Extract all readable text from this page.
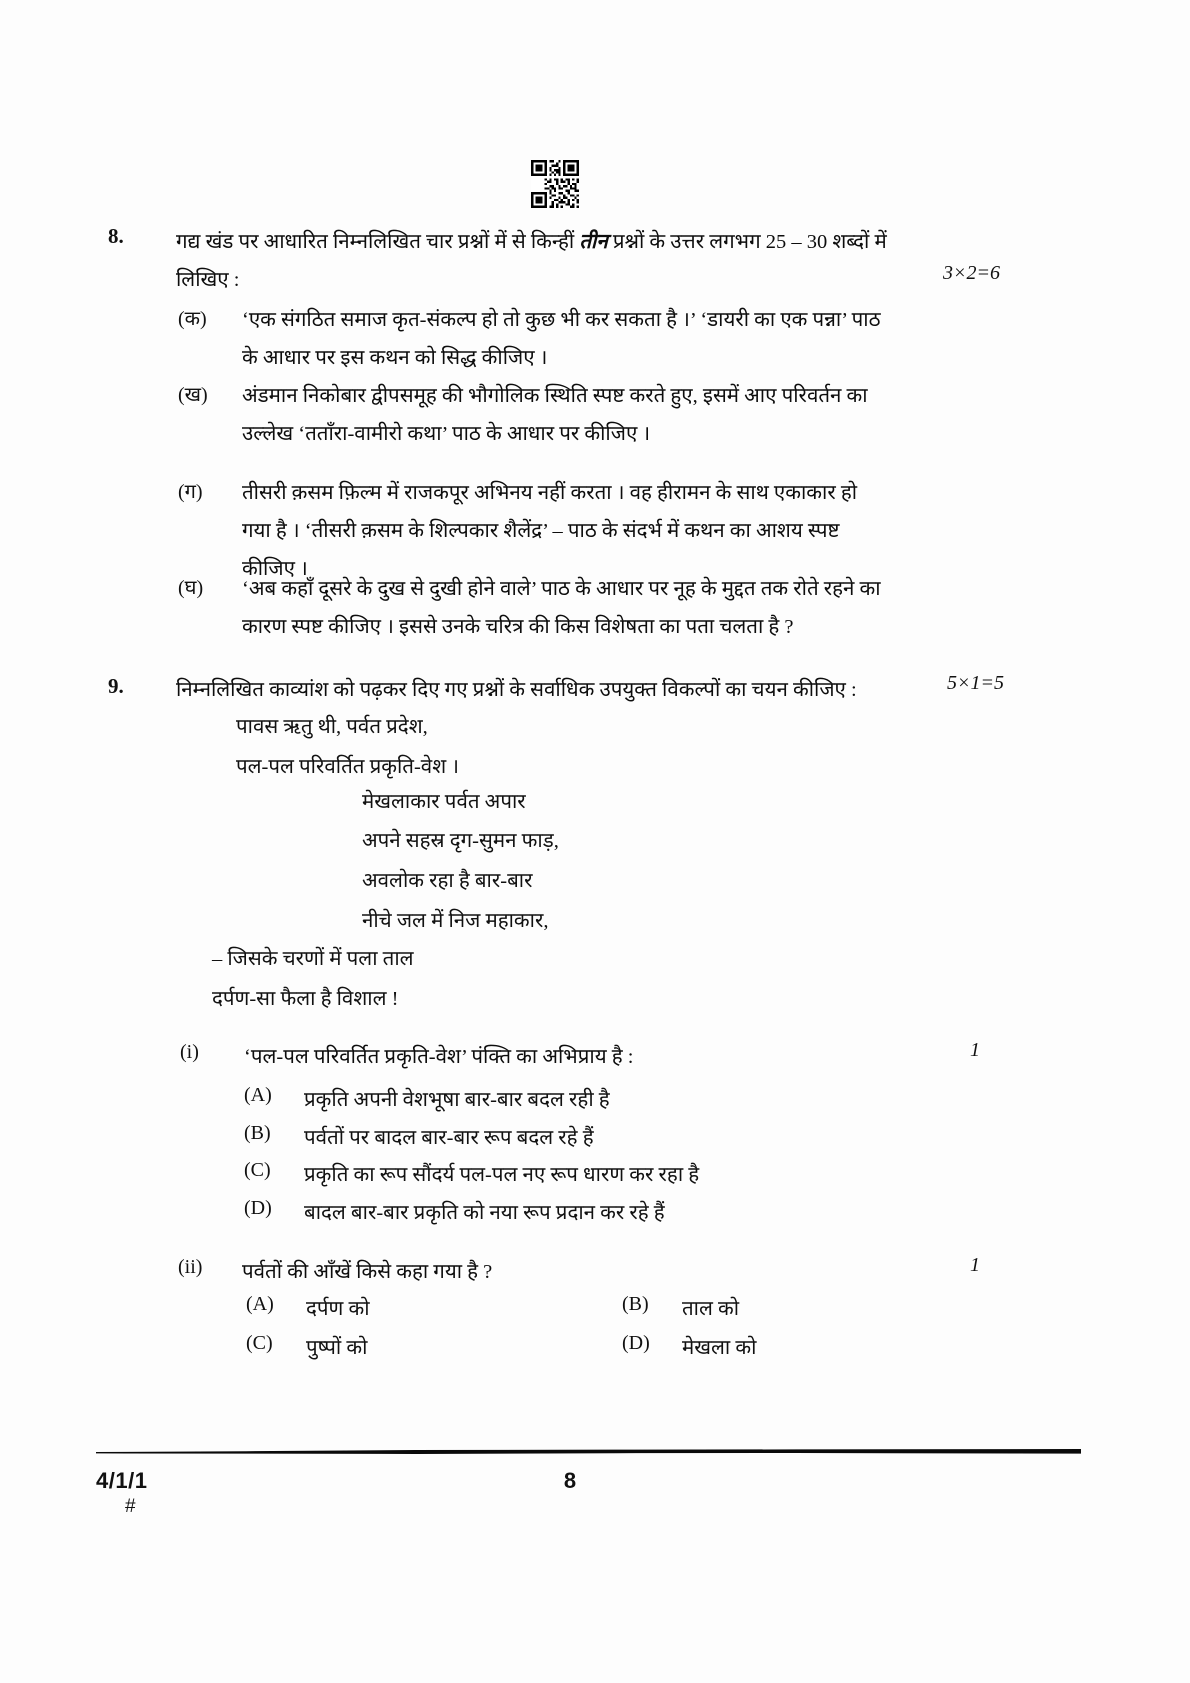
8.	गद्य खंड पर आधारित निम्नलिखित चार प्रश्नों में से किन्हीं तीन प्रश्नों के उत्तर लगभग 25 – 30 शब्दों में
लिखिए :	3×2=6
(क) ‘एक संगठित समाज कृत-संकल्प हो तो कुछ भी कर सकता है ।’ ‘डायरी का एक पन्ना’ पाठ
के आधार पर इस कथन को सिद्ध कीजिए ।
(ख) अंडमान निकोबार द्वीपसमूह की भौगोलिक स्थिति स्पष्ट करते हुए, इसमें आए परिवर्तन का
उल्लेख ‘तताँरा-वामीरो कथा’ पाठ के आधार पर कीजिए ।
(ग) तीसरी क़सम फ़िल्म में राजकपूर अभिनय नहीं करता । वह हीरामन के साथ एकाकार हो
गया है । ‘तीसरी क़सम के शिल्पकार शैलेंद्र’ – पाठ के संदर्भ में कथन का आशय स्पष्ट
कीजिए ।
(घ) ‘अब कहाँ दूसरे के दुख से दुखी होने वाले’ पाठ के आधार पर नूह के मुद्दत तक रोते रहने का
कारण स्पष्ट कीजिए । इससे उनके चरित्र की किस विशेषता का पता चलता है ?
9.	निम्नलिखित काव्यांश को पढ़कर दिए गए प्रश्नों के सर्वाधिक उपयुक्त विकल्पों का चयन कीजिए :	5×1=5
पावस ऋतु थी, पर्वत प्रदेश,
पल-पल परिवर्तित प्रकृति-वेश ।
मेखलाकार पर्वत अपार
अपने सहस्र दृग-सुमन फाड़,
अवलोक रहा है बार-बार
नीचे जल में निज महाकार,
– जिसके चरणों में पला ताल
दर्पण-सा फैला है विशाल !
(i) ‘पल-पल परिवर्तित प्रकृति-वेश’ पंक्ति का अभिप्राय है :	1
(A) प्रकृति अपनी वेशभूषा बार-बार बदल रही है
(B) पर्वतों पर बादल बार-बार रूप बदल रहे हैं
(C) प्रकृति का रूप सौंदर्य पल-पल नए रूप धारण कर रहा है
(D) बादल बार-बार प्रकृति को नया रूप प्रदान कर रहे हैं
(ii) पर्वतों की आँखें किसे कहा गया है ?	1
(A) दर्पण को	(B) ताल को
(C) पुष्पों को	(D) मेखला को
4/1/1
#
8
